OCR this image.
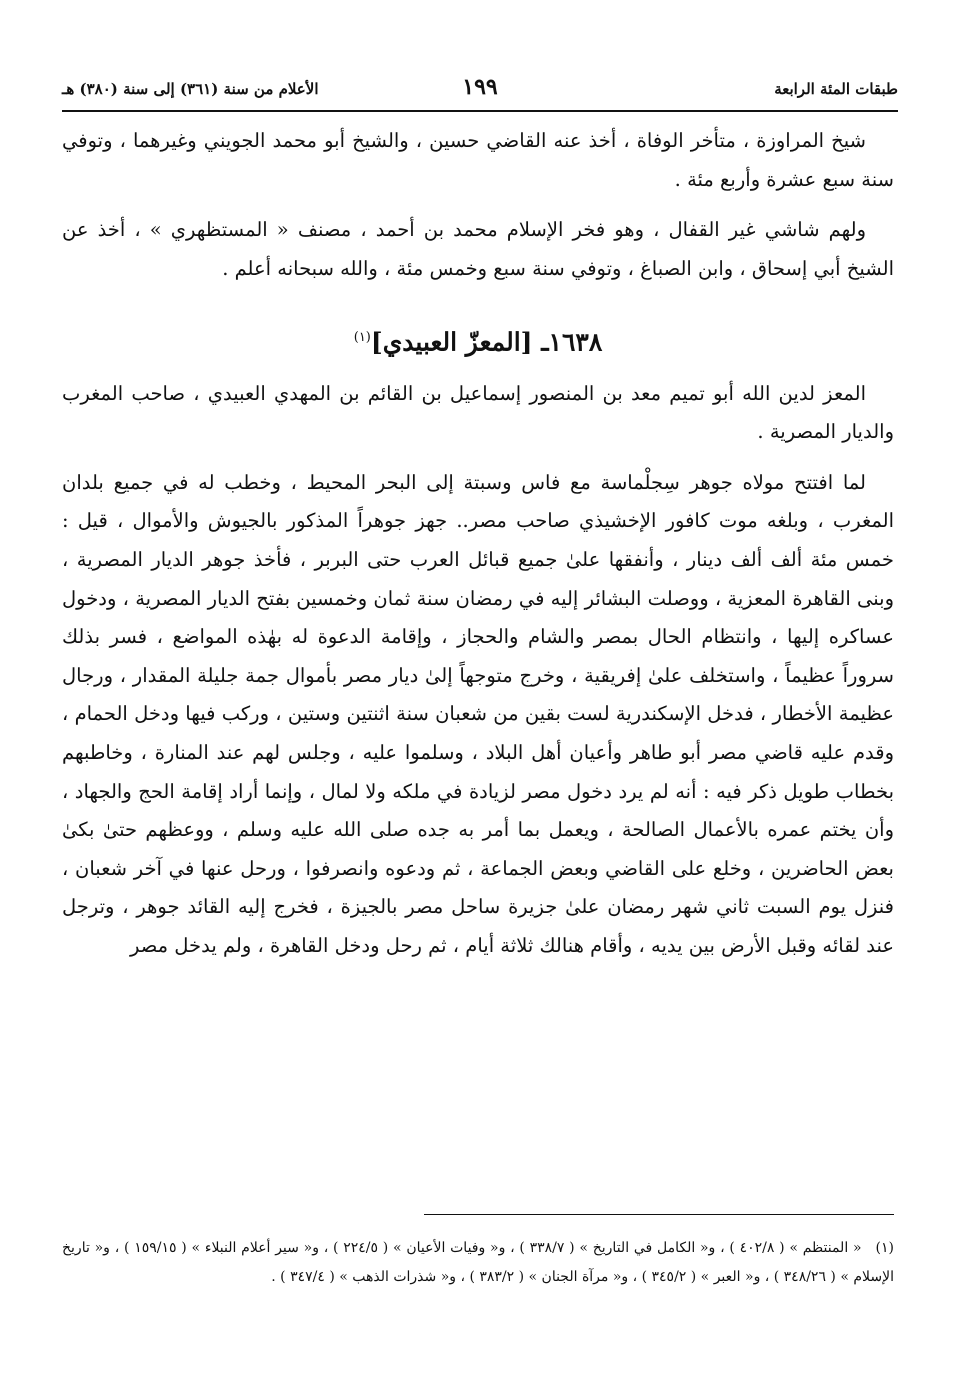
طبقات المئة الرابعة
١٩٩
الأعلام من سنة (٣٦١) إلى سنة (٣٨٠) هـ

شيخ المراوزة ، متأخر الوفاة ، أخذ عنه القاضي حسين ، والشيخ أبو محمد الجويني وغيرهما ، وتوفي سنة سبع عشرة وأربع مئة .

ولهم شاشي غير القفال ، وهو فخر الإسلام محمد بن أحمد ، مصنف « المستظهري » ، أخذ عن الشيخ أبي إسحاق ، وابن الصباغ ، وتوفي سنة سبع وخمس مئة ، والله سبحانه أعلم .

١٦٣٨ـ [المعزّ العبيدي]$^{(١)}$

المعز لدين الله أبو تميم معد بن المنصور إسماعيل بن القائم بن المهدي العبيدي ، صاحب المغرب والديار المصرية .

لما افتتح مولاه جوهر سِجلْماسة مع فاس وسبتة إلى البحر المحيط ، وخطب له في جميع بلدان المغرب ، وبلغه موت كافور الإخشيذي صاحب مصر.. جهز جوهراً المذكور بالجيوش والأموال ، قيل : خمس مئة ألف ألف دينار ، وأنفقها علىٰ جميع قبائل العرب حتى البربر ، فأخذ جوهر الديار المصرية ، وبنى القاهرة المعزية ، ووصلت البشائر إليه في رمضان سنة ثمان وخمسين بفتح الديار المصرية ، ودخول عساكره إليها ، وانتظام الحال بمصر والشام والحجاز ، وإقامة الدعوة له بهٰذه المواضع ، فسر بذلك سروراً عظيماً ، واستخلف علىٰ إفريقية ، وخرج متوجهاً إلىٰ ديار مصر بأموال جمة جليلة المقدار ، ورجال عظيمة الأخطار ، فدخل الإسكندرية لست بقين من شعبان سنة اثنتين وستين ، وركب فيها ودخل الحمام ، وقدم عليه قاضي مصر أبو طاهر وأعيان أهل البلاد ، وسلموا عليه ، وجلس لهم عند المنارة ، وخاطبهم بخطاب طويل ذكر فيه : أنه لم يرد دخول مصر لزيادة في ملكه ولا لمال ، وإنما أراد إقامة الحج والجهاد ، وأن يختم عمره بالأعمال الصالحة ، ويعمل بما أمر به جده صلى الله عليه وسلم ، ووعظهم حتىٰ بكىٰ بعض الحاضرين ، وخلع على القاضي وبعض الجماعة ، ثم ودعوه وانصرفوا ، ورحل عنها في آخر شعبان ، فنزل يوم السبت ثاني شهر رمضان علىٰ جزيرة ساحل مصر بالجيزة ، فخرج إليه القائد جوهر ، وترجل عند لقائه وقبل الأرض بين يديه ، وأقام هنالك ثلاثة أيام ، ثم رحل ودخل القاهرة ، ولم يدخل مصر

(١)« المنتظم » ( ٤٠٢/٨ ) ، و« الكامل في التاريخ » ( ٣٣٨/٧ ) ، و« وفيات الأعيان » ( ٢٢٤/٥ ) ، و« سير أعلام النبلاء » ( ١٥٩/١٥ ) ، و« تاريخ الإسلام » ( ٣٤٨/٢٦ ) ، و« العبر » ( ٣٤٥/٢ ) ، و« مرآة الجنان » ( ٣٨٣/٢ ) ، و« شذرات الذهب » ( ٣٤٧/٤ ) .
